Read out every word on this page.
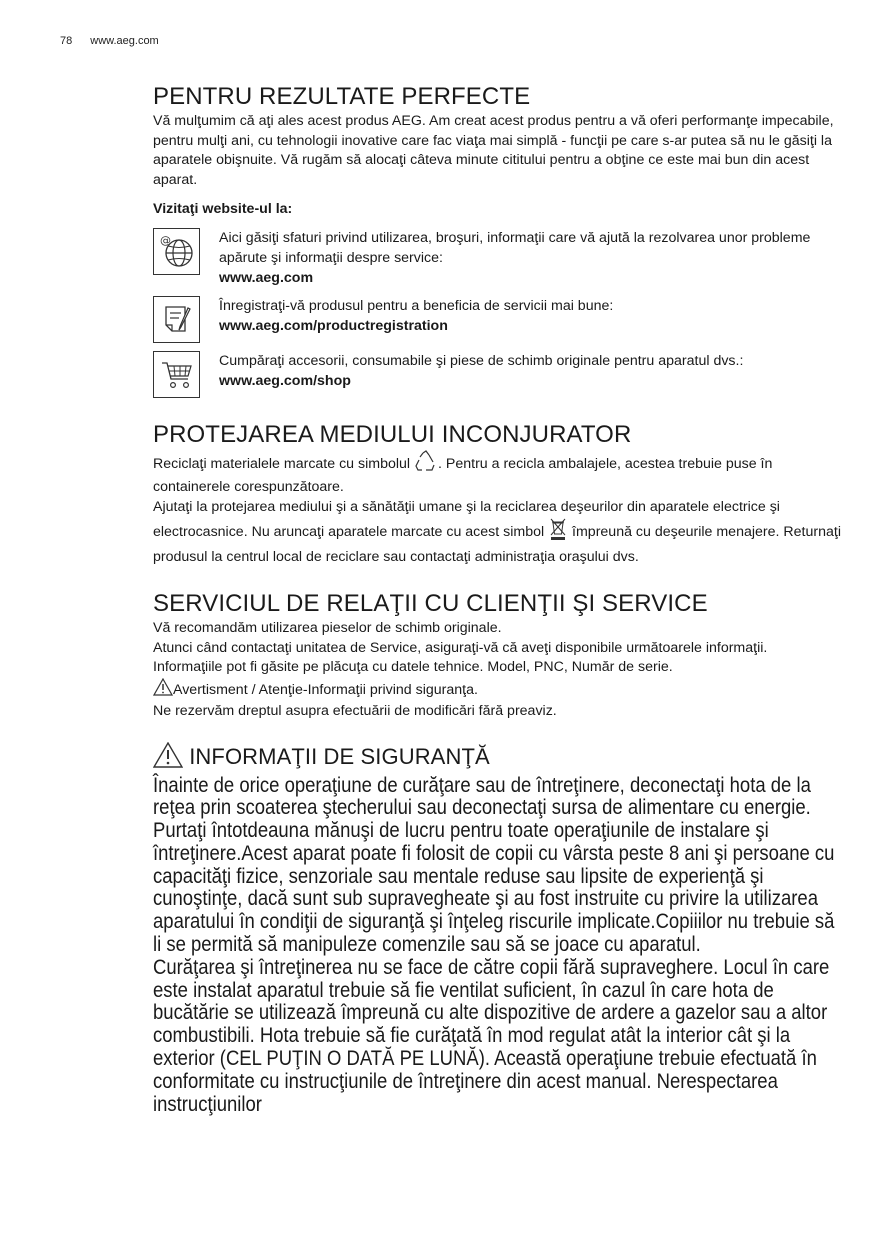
78 www.aeg.com
PENTRU REZULTATE PERFECTE

Vă mulţumim că aţi ales acest produs AEG. Am creat acest produs pentru a vă oferi performanţe impecabile, pentru mulţi ani, cu tehnologii inovative care fac viaţa mai simplă - funcţii pe care s-ar putea să nu le găsiţi la aparatele obişnuite. Vă rugăm să alocaţi câteva minute cititului pentru a obţine ce este mai bun din acest aparat.

Vizitaţi website-ul la:

@	Aici găsiţi sfaturi privind utilizarea, broşuri, informaţii care vă ajută la rezolvarea unor probleme apărute şi informaţii despre service:

www.aeg.com

Înregistraţi-vă produsul pentru a beneficia de servicii mai bune:

www.aeg.com/productregistration

Cumpăraţi accesorii, consumabile şi piese de schimb originale pentru aparatul dvs.:

www.aeg.com/shop

PROTEJAREA MEDIULUI INCONJURATOR

Reciclaţi materialele marcate cu simbolul . Pentru a recicla ambalajele, acestea trebuie puse în containerele corespunzătoare.

Ajutaţi la protejarea mediului şi a sănătăţii umane şi la reciclarea deşeurilor din aparatele electrice şi electrocasnice. Nu aruncaţi aparatele marcate cu acest simbol împreună cu deşeurile menajere. Returnaţi produsul la centrul local de reciclare sau contactaţi administraţia oraşului dvs.

SERVICIUL DE RELAŢII CU CLIENŢII ŞI SERVICE

Vă recomandăm utilizarea pieselor de schimb originale.

Atunci când contactaţi unitatea de Service, asiguraţi-vă că aveţi disponibile următoarele informaţii.

Informaţiile pot fi găsite pe plăcuţa cu datele tehnice. Model, PNC, Număr de serie.

Avertisment / Atenţie-Informaţii privind siguranţa.

Ne rezervăm dreptul asupra efectuării de modificări fără preaviz.

INFORMAŢII DE SIGURANŢĂ
Înainte de orice operaţiune de curăţare sau de întreţinere, deconectaţi hota de la reţea prin scoaterea ştecherului sau deconectaţi sursa de alimentare cu energie. Purtaţi întotdeauna mănuşi de lucru pentru toate operaţiunile de instalare şi întreţinere.Acest aparat poate fi folosit de copii cu vârsta peste 8 ani şi persoane cu capacităţi fizice, senzoriale sau mentale reduse sau lipsite de experienţă şi cunoştinţe, dacă sunt sub supravegheate şi au fost instruite cu privire la utilizarea aparatului în condiţii de siguranţă şi înţeleg riscurile implicate.Copiiilor nu trebuie să li se permită să manipuleze comenzile sau să se joace cu aparatul.
Curăţarea şi întreţinerea nu se face de către copii fără supraveghere. Locul în care este instalat aparatul trebuie să fie ventilat suficient, în cazul în care hota de bucătărie se utilizează împreună cu alte dispozitive de ardere a gazelor sau a altor combustibili. Hota trebuie să fie curăţată în mod regulat atât la interior cât şi la exterior (CEL PUŢIN O DATĂ PE LUNĂ). Această operaţiune trebuie efectuată în conformitate cu instrucţiunile de întreţinere din acest manual. Nerespectarea instrucţiunilor
